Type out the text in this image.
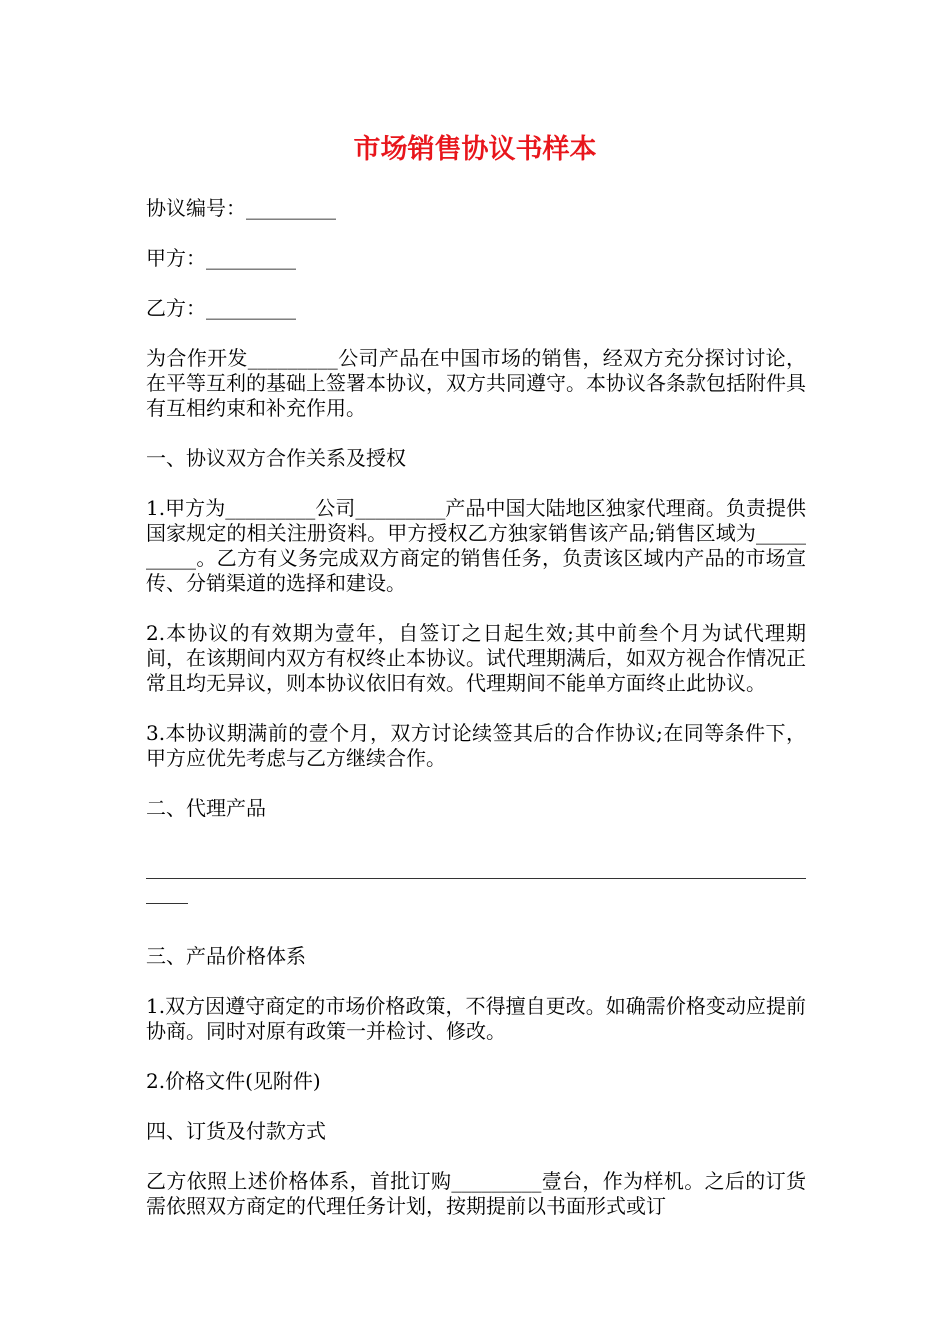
市场销售协议书样本

协议编号：_________

甲方：_________

乙方：_________

为合作开发_________公司产品在中国市场的销售，经双方充分探讨讨论，在平等互利的基础上签署本协议，双方共同遵守。本协议各条款包括附件具有互相约束和补充作用。

一、协议双方合作关系及授权

1.甲方为_________公司_________产品中国大陆地区独家代理商。负责提供国家规定的相关注册资料。甲方授权乙方独家销售该产品;销售区域为__________。乙方有义务完成双方商定的销售任务，负责该区域内产品的市场宣传、分销渠道的选择和建设。

2.本协议的有效期为壹年，自签订之日起生效;其中前叁个月为试代理期间，在该期间内双方有权终止本协议。试代理期满后，如双方视合作情况正常且均无异议，则本协议依旧有效。代理期间不能单方面终止此协议。

3.本协议期满前的壹个月，双方讨论续签其后的合作协议;在同等条件下，甲方应优先考虑与乙方继续合作。

二、代理产品

三、产品价格体系

1.双方因遵守商定的市场价格政策，不得擅自更改。如确需价格变动应提前协商。同时对原有政策一并检讨、修改。

2.价格文件(见附件)

四、订货及付款方式

乙方依照上述价格体系，首批订购_________壹台，作为样机。之后的订货需依照双方商定的代理任务计划，按期提前以书面形式或订
